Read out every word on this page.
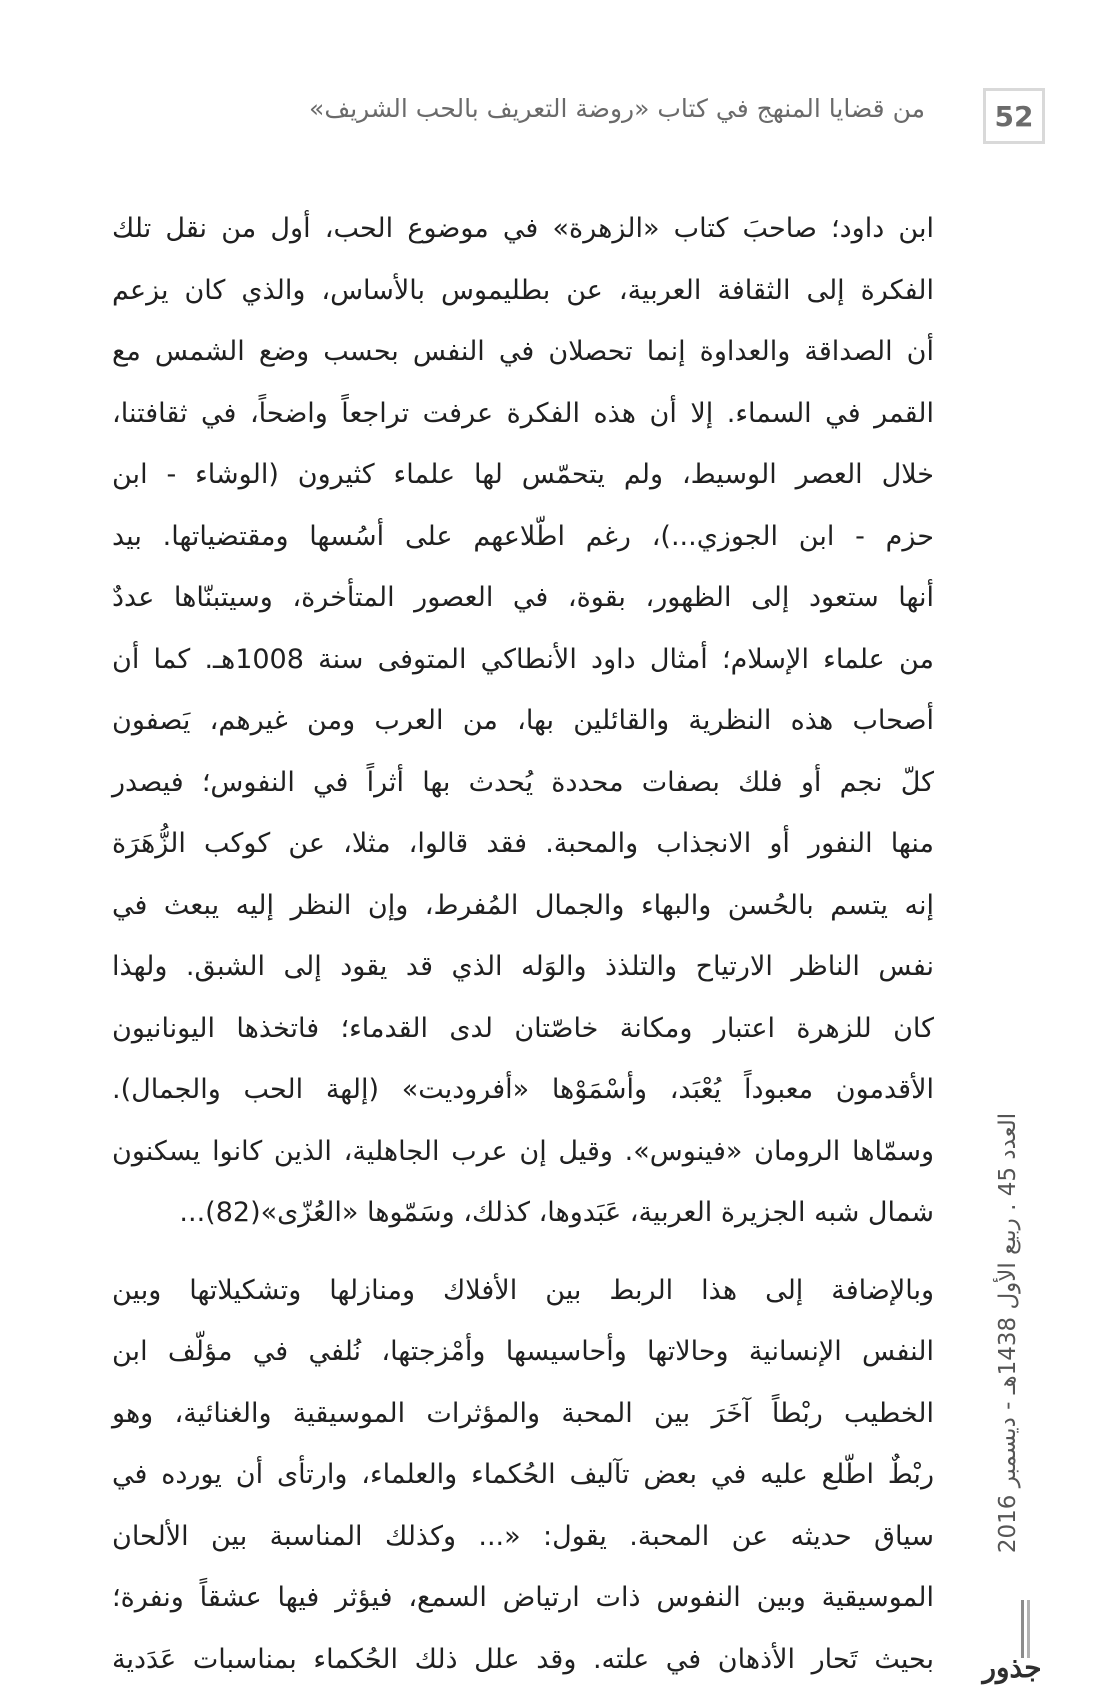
52
من قضايا المنهج في كتاب «روضة التعريف بالحب الشريف»

ابن داود؛ صاحبَ كتاب «الزهرة» في موضوع الحب، أول من نقل تلك
الفكرة إلى الثقافة العربية، عن بطليموس بالأساس، والذي كان يزعم
أن الصداقة والعداوة إنما تحصلان في النفس بحسب وضع الشمس مع
القمر في السماء. إلا أن هذه الفكرة عرفت تراجعاً واضحاً، في ثقافتنا،
خلال العصر الوسيط، ولم يتحمّس لها علماء كثيرون (الوشاء - ابن
حزم - ابن الجوزي...)، رغم اطّلاعهم على أسُسها ومقتضياتها. بيد
أنها ستعود إلى الظهور، بقوة، في العصور المتأخرة، وسيتبنّاها عددٌ
من علماء الإسلام؛ أمثال داود الأنطاكي المتوفى سنة 1008هـ. كما أن
أصحاب هذه النظرية والقائلين بها، من العرب ومن غيرهم، يَصفون
كلّ نجم أو فلك بصفات محددة يُحدث بها أثراً في النفوس؛ فيصدر
منها النفور أو الانجذاب والمحبة. فقد قالوا، مثلا، عن كوكب الزُّهَرَة
إنه يتسم بالحُسن والبهاء والجمال المُفرط، وإن النظر إليه يبعث في
نفس الناظر الارتياح والتلذذ والوَله الذي قد يقود إلى الشبق. ولهذا
كان للزهرة اعتبار ومكانة خاصّتان لدى القدماء؛ فاتخذها اليونانيون
الأقدمون معبوداً يُعْبَد، وأسْمَوْها «أفروديت» (إلهة الحب والجمال).
وسمّاها الرومان «فينوس». وقيل إن عرب الجاهلية، الذين كانوا يسكنون
شمال شبه الجزيرة العربية، عَبَدوها، كذلك، وسَمّوها «العُزّى»(82)...

وبالإضافة إلى هذا الربط بين الأفلاك ومنازلها وتشكيلاتها وبين
النفس الإنسانية وحالاتها وأحاسيسها وأمْزجتها، نُلفي في مؤلّف ابن
الخطيب ربْطاً آخَرَ بين المحبة والمؤثرات الموسيقية والغنائية، وهو
ربْطٌ اطّلع عليه في بعض تآليف الحُكماء والعلماء، وارتأى أن يورده في
سياق حديثه عن المحبة. يقول: «... وكذلك المناسبة بين الألحان
الموسيقية وبين النفوس ذات ارتياض السمع، فيؤثر فيها عشقاً ونفرة؛
بحيث تَحار الأذهان في علته. وقد علل ذلك الحُكماء بمناسبات عَدَدية

العدد 45 . ربيع الأول 1438هـ - ديسمبر 2016
جذور
